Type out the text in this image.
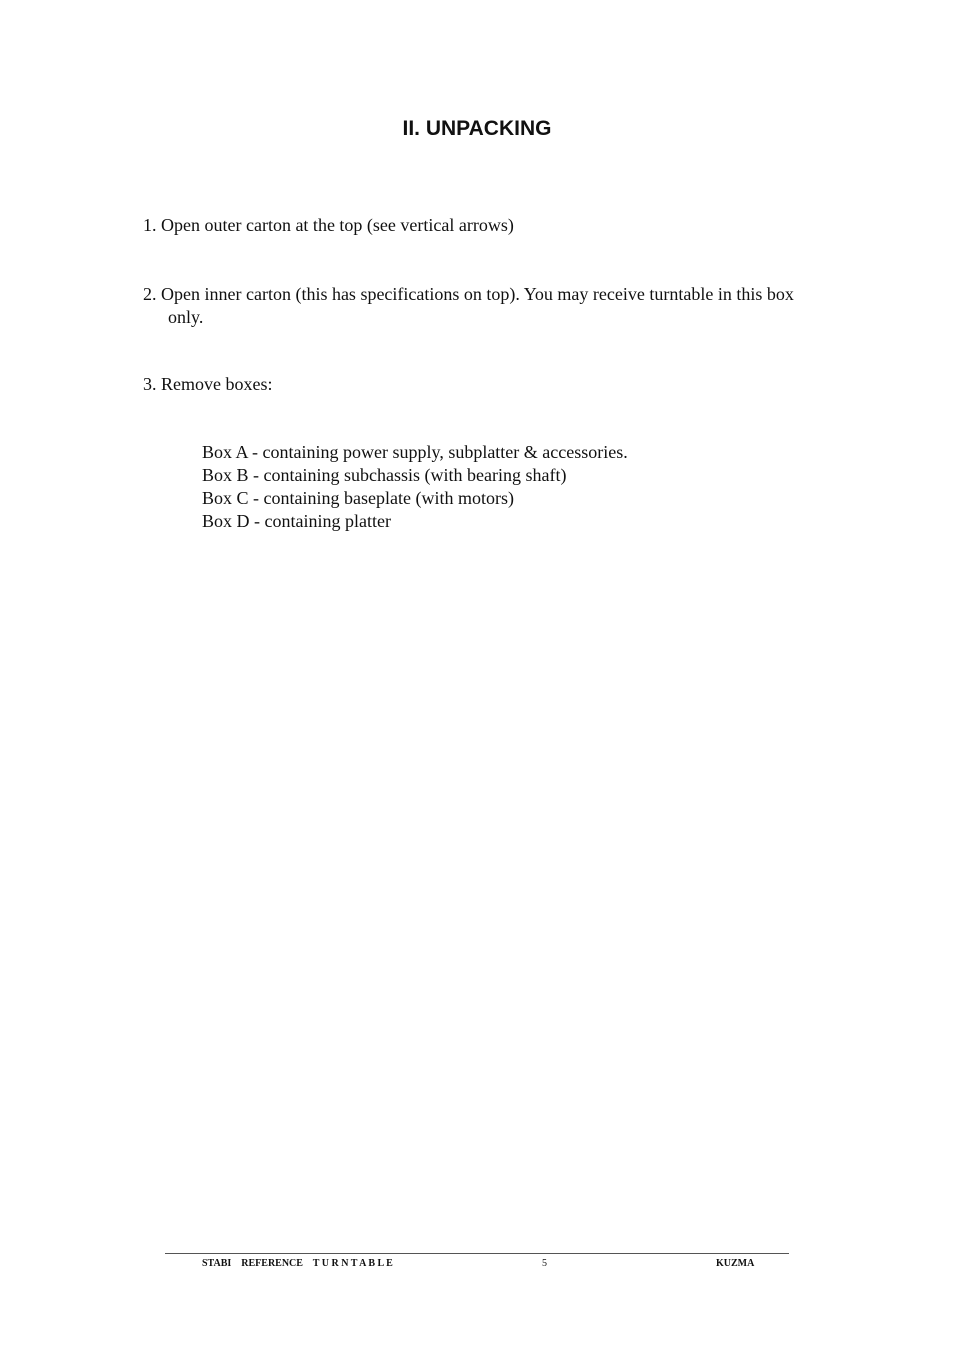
II. UNPACKING

1. Open outer carton at the top (see vertical arrows)

2. Open inner carton (this has specifications on top). You may receive turntable in this box only.

3. Remove boxes:

Box A - containing power supply, subplatter & accessories.
Box B - containing subchassis (with bearing shaft)
Box C - containing baseplate (with motors)
Box D - containing platter
STABI    REFERENCE    T U R N T A B L E	5	KUZMA
